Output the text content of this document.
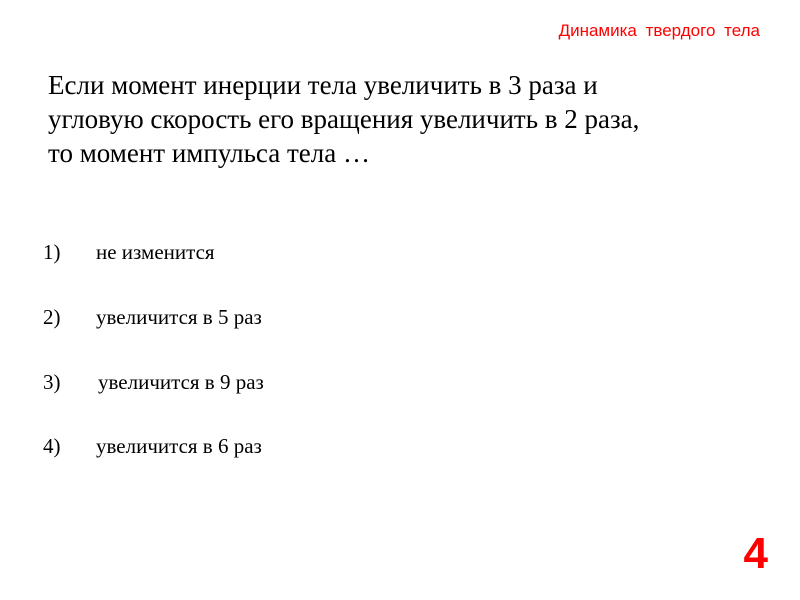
Динамика твердого тела
Если момент инерции тела увеличить в 3 раза и
угловую скорость его вращения увеличить в 2 раза,
то момент импульса тела …
1) не изменится
2) увеличится в 5 раз
3) увеличится в 9 раз
4) увеличится в 6 раз
4
